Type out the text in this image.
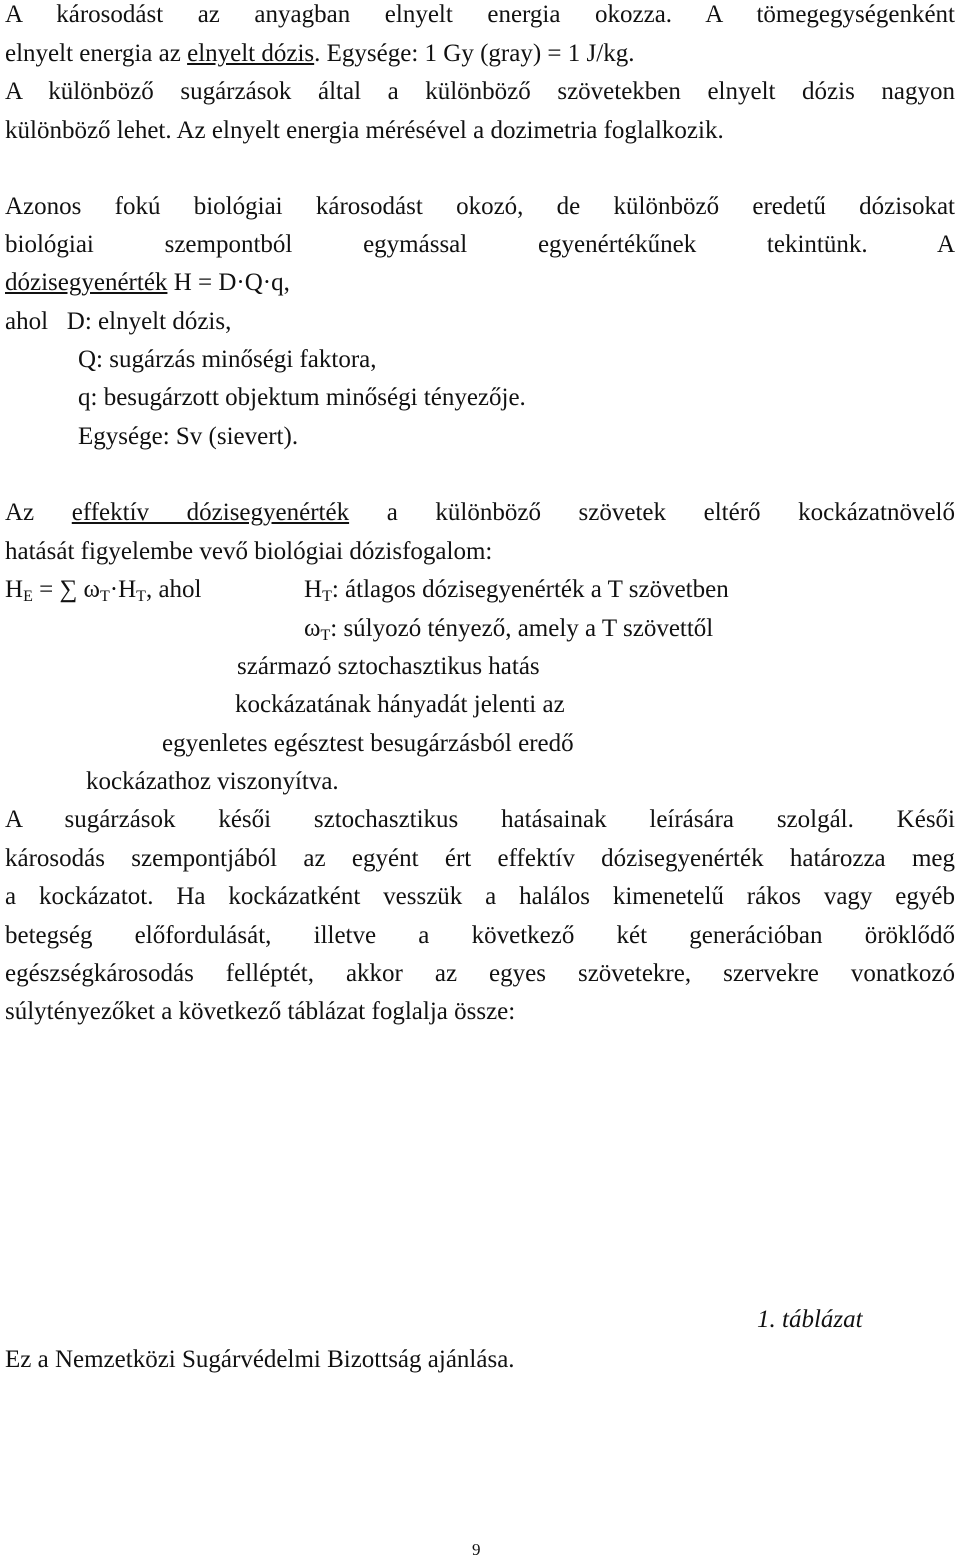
A károsodást az anyagban elnyelt energia okozza. A tömegegységenként
elnyelt energia az elnyelt dózis. Egysége: 1 Gy (gray) = 1 J/kg.
A különböző sugárzások által a különböző szövetekben elnyelt dózis nagyon
különböző lehet. Az elnyelt energia mérésével a dozimetria foglalkozik.
Azonos fokú biológiai károsodást okozó, de különböző eredetű dózisokat
biológiai szempontból egymással egyenértékűnek tekintünk. A
dózisegyenérték H = D·Q·q,
ahol   D: elnyelt dózis,
Q: sugárzás minőségi faktora,
q: besugárzott objektum minőségi tényezője.
Egysége: Sv (sievert).
Az effektív dózisegyenérték a különböző szövetek eltérő kockázatnövelő
hatását figyelembe vevő biológiai dózisfogalom:
$H_E$ = ∑ $\omega_T\cdot H_T$, ahol	$H_T$: átlagos dózisegyenérték a T szövetben
$\omega_T$: súlyozó tényező, amely a T szövettől
származó sztochasztikus hatás
kockázatának hányadát jelenti az
egyenletes egésztest besugárzásból eredő
kockázathoz viszonyítva.
A sugárzások késői sztochasztikus hatásainak leírására szolgál. Késői
károsodás szempontjából az egyént ért effektív dózisegyenérték határozza meg
a kockázatot. Ha kockázatként vesszük a halálos kimenetelű rákos vagy egyéb
betegség előfordulását, illetve a következő két generációban öröklődő
egészségkárosodás felléptét, akkor az egyes szövetekre, szervekre vonatkozó
súlytényezőket a következő táblázat foglalja össze:
1. táblázat
Ez a Nemzetközi Sugárvédelmi Bizottság ajánlása.
9
